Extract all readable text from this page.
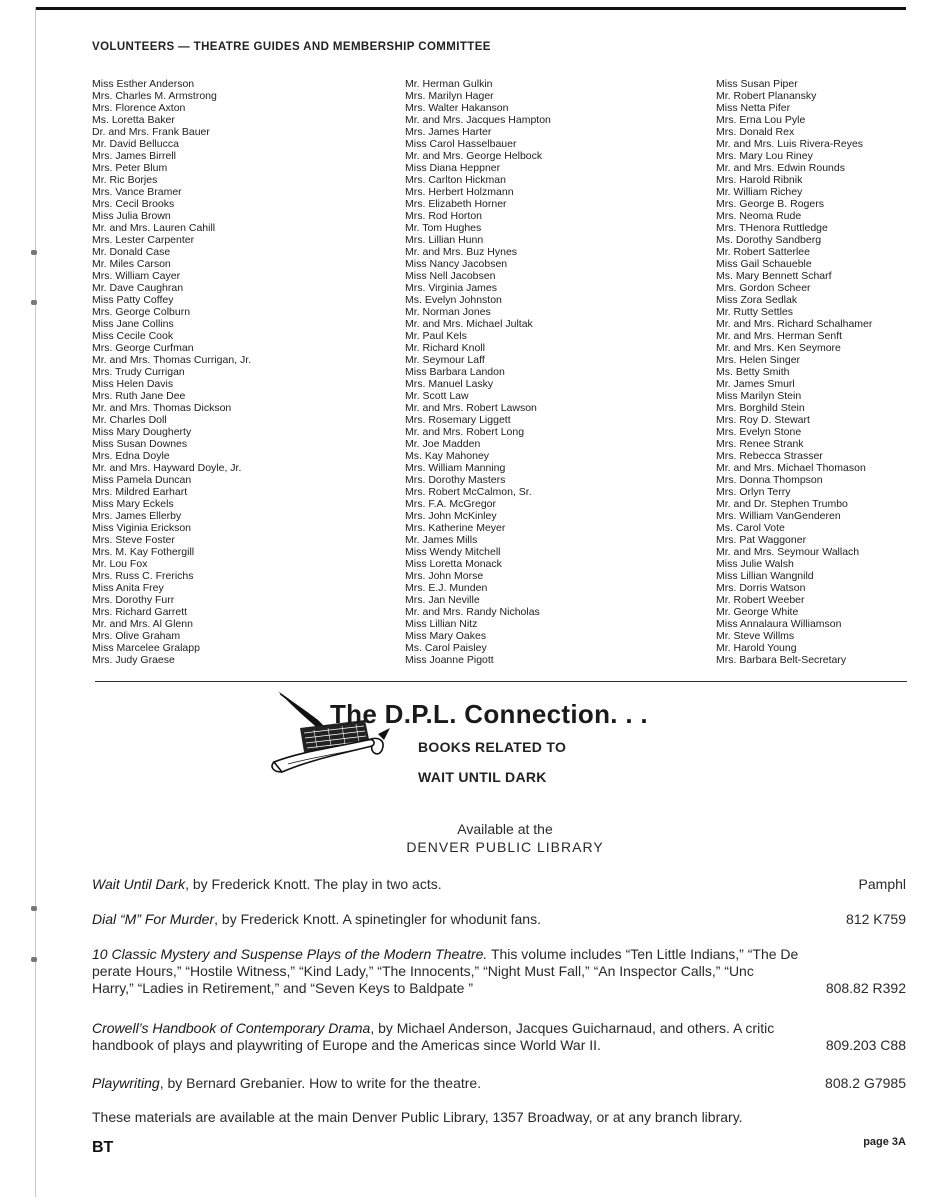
VOLUNTEERS — THEATRE GUIDES AND MEMBERSHIP COMMITTEE
Miss Esther Anderson
Mrs. Charles M. Armstrong
Mrs. Florence Axton
Ms. Loretta Baker
Dr. and Mrs. Frank Bauer
Mr. David Bellucca
Mrs. James Birrell
Mrs. Peter Blum
Mr. Ric Borjes
Mrs. Vance Bramer
Mrs. Cecil Brooks
Miss Julia Brown
Mr. and Mrs. Lauren Cahill
Mrs. Lester Carpenter
Mr. Donald Case
Mr. Miles Carson
Mrs. William Cayer
Mr. Dave Caughran
Miss Patty Coffey
Mrs. George Colburn
Miss Jane Collins
Miss Cecile Cook
Mrs. George Curfman
Mr. and Mrs. Thomas Currigan, Jr.
Mrs. Trudy Currigan
Miss Helen Davis
Mrs. Ruth Jane Dee
Mr. and Mrs. Thomas Dickson
Mr. Charles Doll
Miss Mary Dougherty
Miss Susan Downes
Mrs. Edna Doyle
Mr. and Mrs. Hayward Doyle, Jr.
Miss Pamela Duncan
Mrs. Mildred Earhart
Miss Mary Eckels
Mrs. James Ellerby
Miss Viginia Erickson
Mrs. Steve Foster
Mrs. M. Kay Fothergill
Mr. Lou Fox
Mrs. Russ C. Frerichs
Miss Anita Frey
Mrs. Dorothy Furr
Mrs. Richard Garrett
Mr. and Mrs. Al Glenn
Mrs. Olive Graham
Miss Marcelee Gralapp
Mrs. Judy Graese
Mr. Herman Gulkin
Mrs. Marilyn Hager
Mrs. Walter Hakanson
Mr. and Mrs. Jacques Hampton
Mrs. James Harter
Miss Carol Hasselbauer
Mr. and Mrs. George Helbock
Miss Diana Heppner
Mrs. Carlton Hickman
Mrs. Herbert Holzmann
Mrs. Elizabeth Horner
Mrs. Rod Horton
Mr. Tom Hughes
Mrs. Lillian Hunn
Mr. and Mrs. Buz Hynes
Miss Nancy Jacobsen
Miss Nell Jacobsen
Mrs. Virginia James
Ms. Evelyn Johnston
Mr. Norman Jones
Mr. and Mrs. Michael Jultak
Mr. Paul Kels
Mr. Richard Knoll
Mr. Seymour Laff
Miss Barbara Landon
Mrs. Manuel Lasky
Mr. Scott Law
Mr. and Mrs. Robert Lawson
Mrs. Rosemary Liggett
Mr. and Mrs. Robert Long
Mr. Joe Madden
Ms. Kay Mahoney
Mrs. William Manning
Mrs. Dorothy Masters
Mrs. Robert McCalmon, Sr.
Mrs. F.A. McGregor
Mrs. John McKinley
Mrs. Katherine Meyer
Mr. James Mills
Miss Wendy Mitchell
Miss Loretta Monack
Mrs. John Morse
Mrs. E.J. Munden
Mrs. Jan Neville
Mr. and Mrs. Randy Nicholas
Miss Lillian Nitz
Miss Mary Oakes
Ms. Carol Paisley
Miss Joanne Pigott
Miss Susan Piper
Mr. Robert Planansky
Miss Netta Pifer
Mrs. Erna Lou Pyle
Mrs. Donald Rex
Mr. and Mrs. Luis Rivera-Reyes
Mrs. Mary Lou Riney
Mr. and Mrs. Edwin Rounds
Mrs. Harold Ribnik
Mr. William Richey
Mrs. George B. Rogers
Mrs. Neoma Rude
Mrs. THenora Ruttledge
Ms. Dorothy Sandberg
Mr. Robert Satterlee
Miss Gail Schaueble
Ms. Mary Bennett Scharf
Mrs. Gordon Scheer
Miss Zora Sedlak
Mr. Rutty Settles
Mr. and Mrs. Richard Schalhamer
Mr. and Mrs. Herman Senft
Mr. and Mrs. Ken Seymore
Mrs. Helen Singer
Ms. Betty Smith
Mr. James Smurl
Miss Marilyn Stein
Mrs. Borghild Stein
Mrs. Roy D. Stewart
Mrs. Evelyn Stone
Mrs. Renee Strank
Mrs. Rebecca Strasser
Mr. and Mrs. Michael Thomason
Mrs. Donna Thompson
Mrs. Orlyn Terry
Mr. and Dr. Stephen Trumbo
Mrs. William VanGenderen
Ms. Carol Vote
Mrs. Pat Waggoner
Mr. and Mrs. Seymour Wallach
Miss Julie Walsh
Miss Lillian Wangnild
Mrs. Dorris Watson
Mr. Robert Weeber
Mr. George White
Miss Annalaura Williamson
Mr. Steve Willms
Mr. Harold Young
Mrs. Barbara Belt-Secretary
The D.P.L. Connection. . .
BOOKS RELATED TO
WAIT UNTIL DARK
Available at the
DENVER PUBLIC LIBRARY
Wait Until Dark, by Frederick Knott. The play in two acts.	Pamphl
Dial “M” For Murder, by Frederick Knott. A spinetingler for whodunit fans.	812 K759
10 Classic Mystery and Suspense Plays of the Modern Theatre. This volume includes “Ten Little Indians,” “The De
perate Hours,” “Hostile Witness,” “Kind Lady,” “The Innocents,” “Night Must Fall,” “An Inspector Calls,” “Unc
Harry,” “Ladies in Retirement,” and “Seven Keys to Baldpate ”	808.82 R392
Crowell’s Handbook of Contemporary Drama, by Michael Anderson, Jacques Guicharnaud, and others. A critic
handbook of plays and playwriting of Europe and the Americas since World War II.	809.203 C88
Playwriting, by Bernard Grebanier. How to write for the theatre.	808.2 G7985
These materials are available at the main Denver Public Library, 1357 Broadway, or at any branch library.
BT	page 3A
